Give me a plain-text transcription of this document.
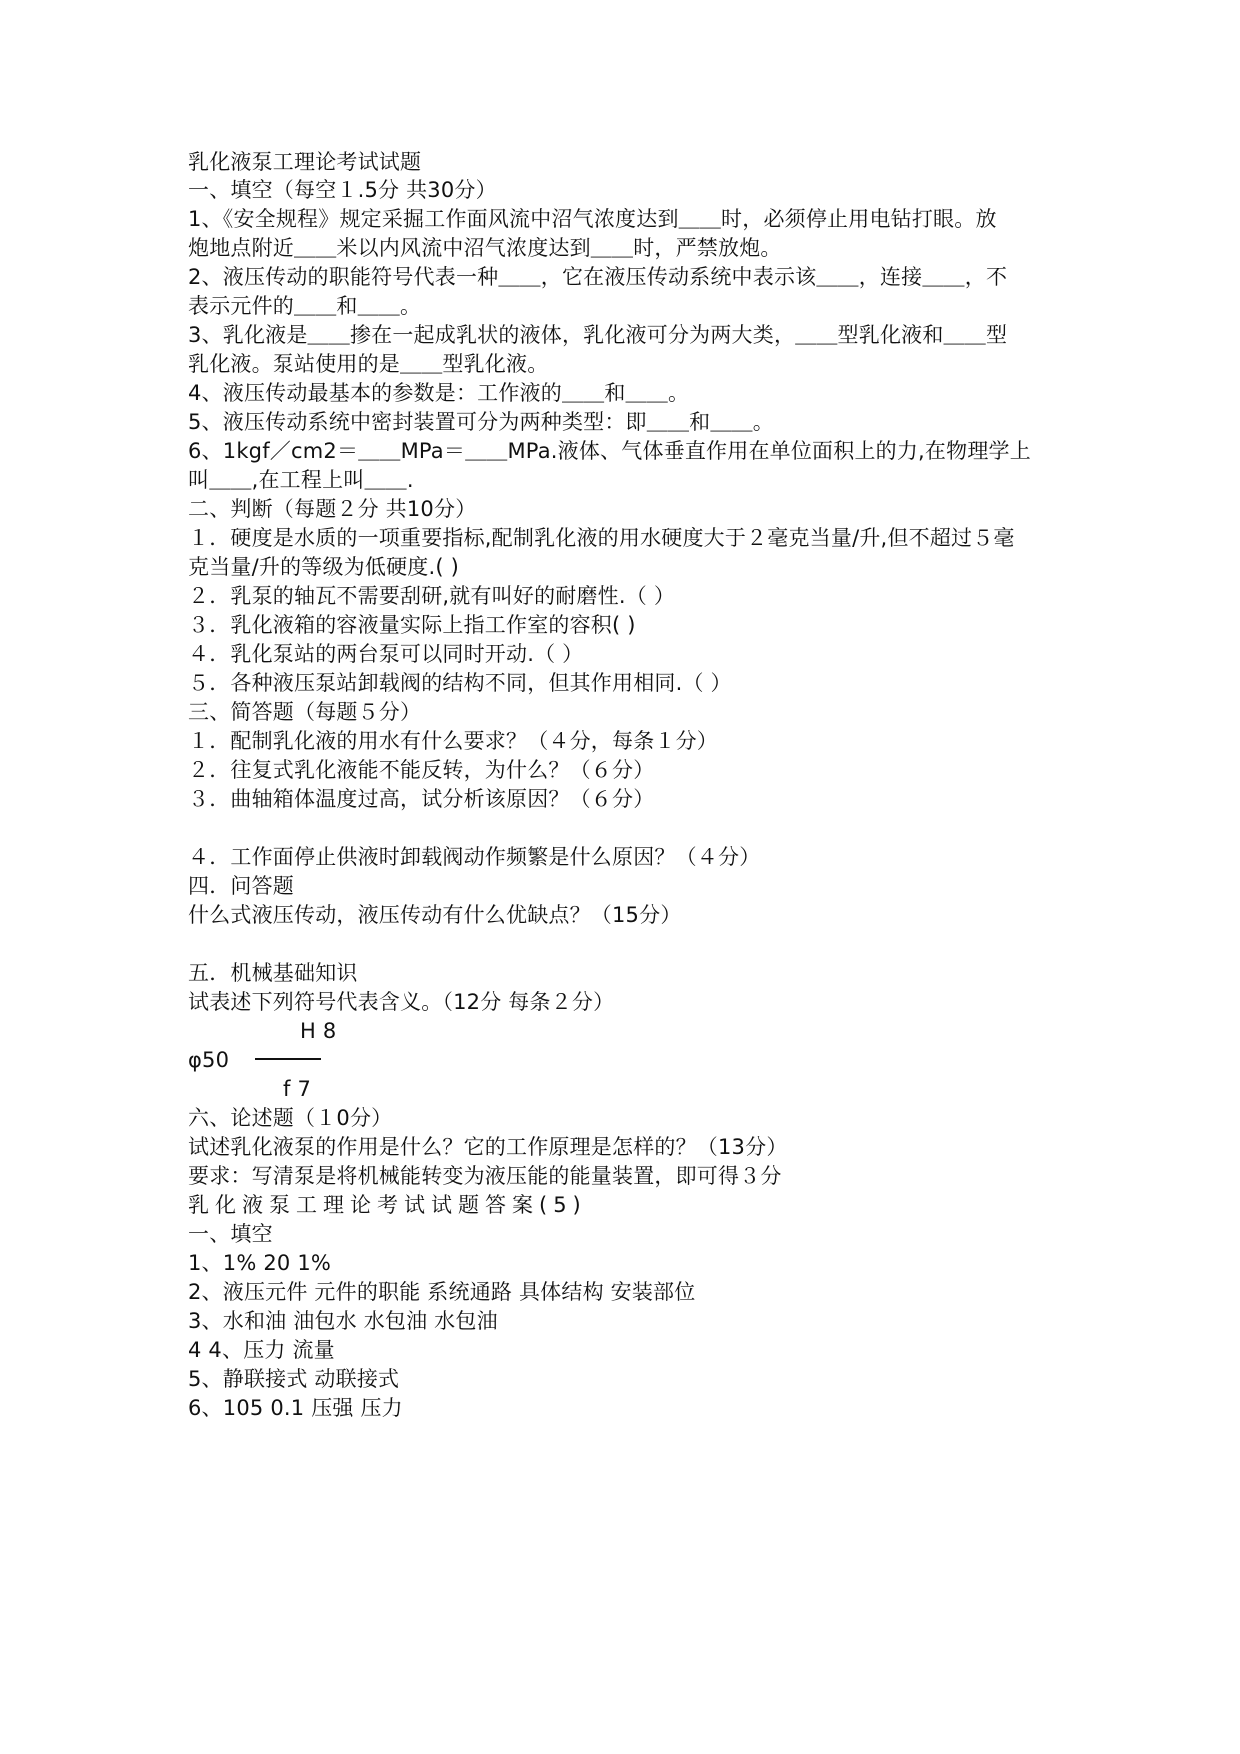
乳化液泵工理论考试试题
一、填空（每空１.5分 共30分）
1、《安全规程》规定采掘工作面风流中沼气浓度达到＿＿时，必须停止用电钻打眼。放
炮地点附近＿＿米以内风流中沼气浓度达到＿＿时，严禁放炮。
2、液压传动的职能符号代表一种＿＿，它在液压传动系统中表示该＿＿，连接＿＿，不
表示元件的＿＿和＿＿。
3、乳化液是＿＿掺在一起成乳状的液体，乳化液可分为两大类，＿＿型乳化液和＿＿型
乳化液。泵站使用的是＿＿型乳化液。
4、液压传动最基本的参数是：工作液的＿＿和＿＿。
5、液压传动系统中密封装置可分为两种类型：即＿＿和＿＿。
6、1kgf／cm2＝＿＿MPa＝＿＿MPa.液体、气体垂直作用在单位面积上的力,在物理学上
叫＿＿,在工程上叫＿＿.
二、判断（每题２分 共10分）
１．硬度是水质的一项重要指标,配制乳化液的用水硬度大于２毫克当量/升,但不超过５毫
克当量/升的等级为低硬度.( )
２．乳泵的轴瓦不需要刮研,就有叫好的耐磨性.（ ）
３．乳化液箱的容液量实际上指工作室的容积( )
４．乳化泵站的两台泵可以同时开动.（ ）
５．各种液压泵站卸载阀的结构不同，但其作用相同.（ ）
三、简答题（每题５分）
１．配制乳化液的用水有什么要求？（４分，每条１分）
２．往复式乳化液能不能反转，为什么？（６分）
３．曲轴箱体温度过高，试分析该原因？（６分）
４．工作面停止供液时卸载阀动作频繁是什么原因？（４分）
四．问答题
什么式液压传动，液压传动有什么优缺点？（15分）
五．机械基础知识
试表述下列符号代表含义。（12分 每条２分）
H 8
φ50
f 7
六、论述题（１0分）
试述乳化液泵的作用是什么？它的工作原理是怎样的？（13分）
要求：写清泵是将机械能转变为液压能的能量装置，即可得３分
乳化液泵工理论考试试题答案(5)
一、填空
1、1% 20 1%
2、液压元件 元件的职能 系统通路 具体结构 安装部位
3、水和油 油包水 水包油 水包油
4 4、压力 流量
5、静联接式 动联接式
6、105 0.1 压强 压力
